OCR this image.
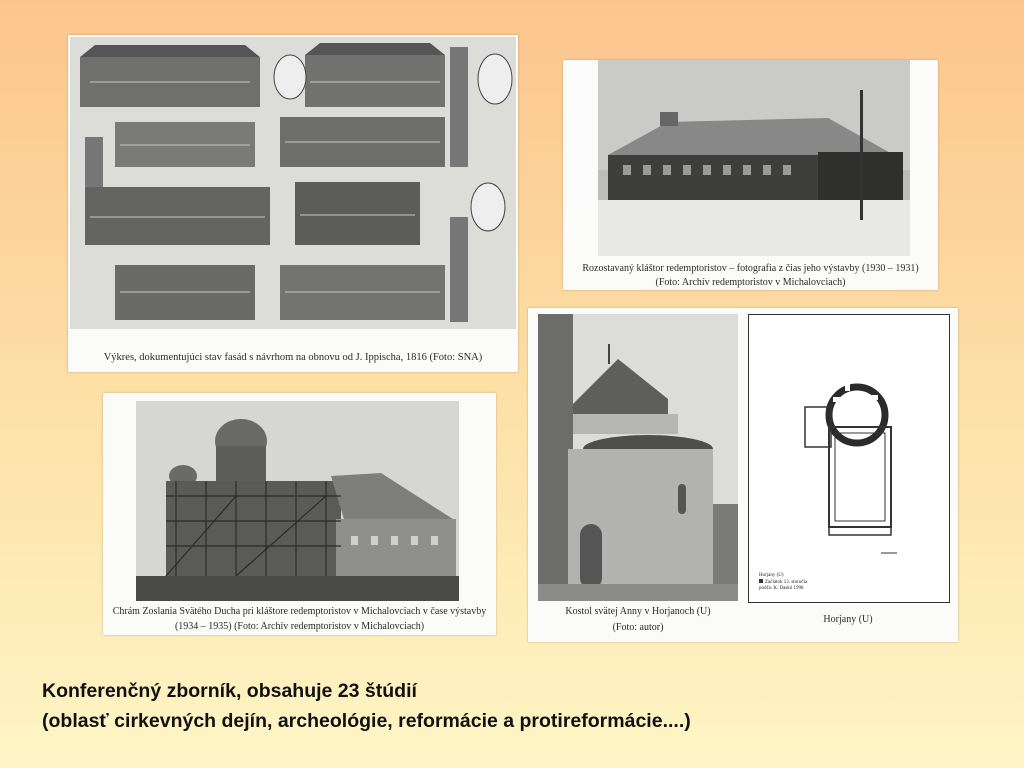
Výkres, dokumentujúci stav fasád s návrhom na obnovu od J. Ippischa, 1816 (Foto: SNA)
Rozostavaný kláštor redemptoristov – fotografia z čias jeho výstavby (1930 – 1931)
(Foto: Archív redemptoristov v Michalovciach)
Chrám Zoslania Svätého Ducha pri kláštore redemptoristov v Michalovciach v čase výstavby
(1934 – 1935) (Foto: Archív redemptoristov v Michalovciach)
Horjany (U)
Začiatok 13. storočia
podľa: K. Daskó 1998
Kostol svätej Anny v Horjanoch (U)
(Foto: autor)
Horjany (U)
Konferenčný zborník, obsahuje 23 štúdií
(oblasť cirkevných dejín, archeológie, reformácie a protireformácie....)
